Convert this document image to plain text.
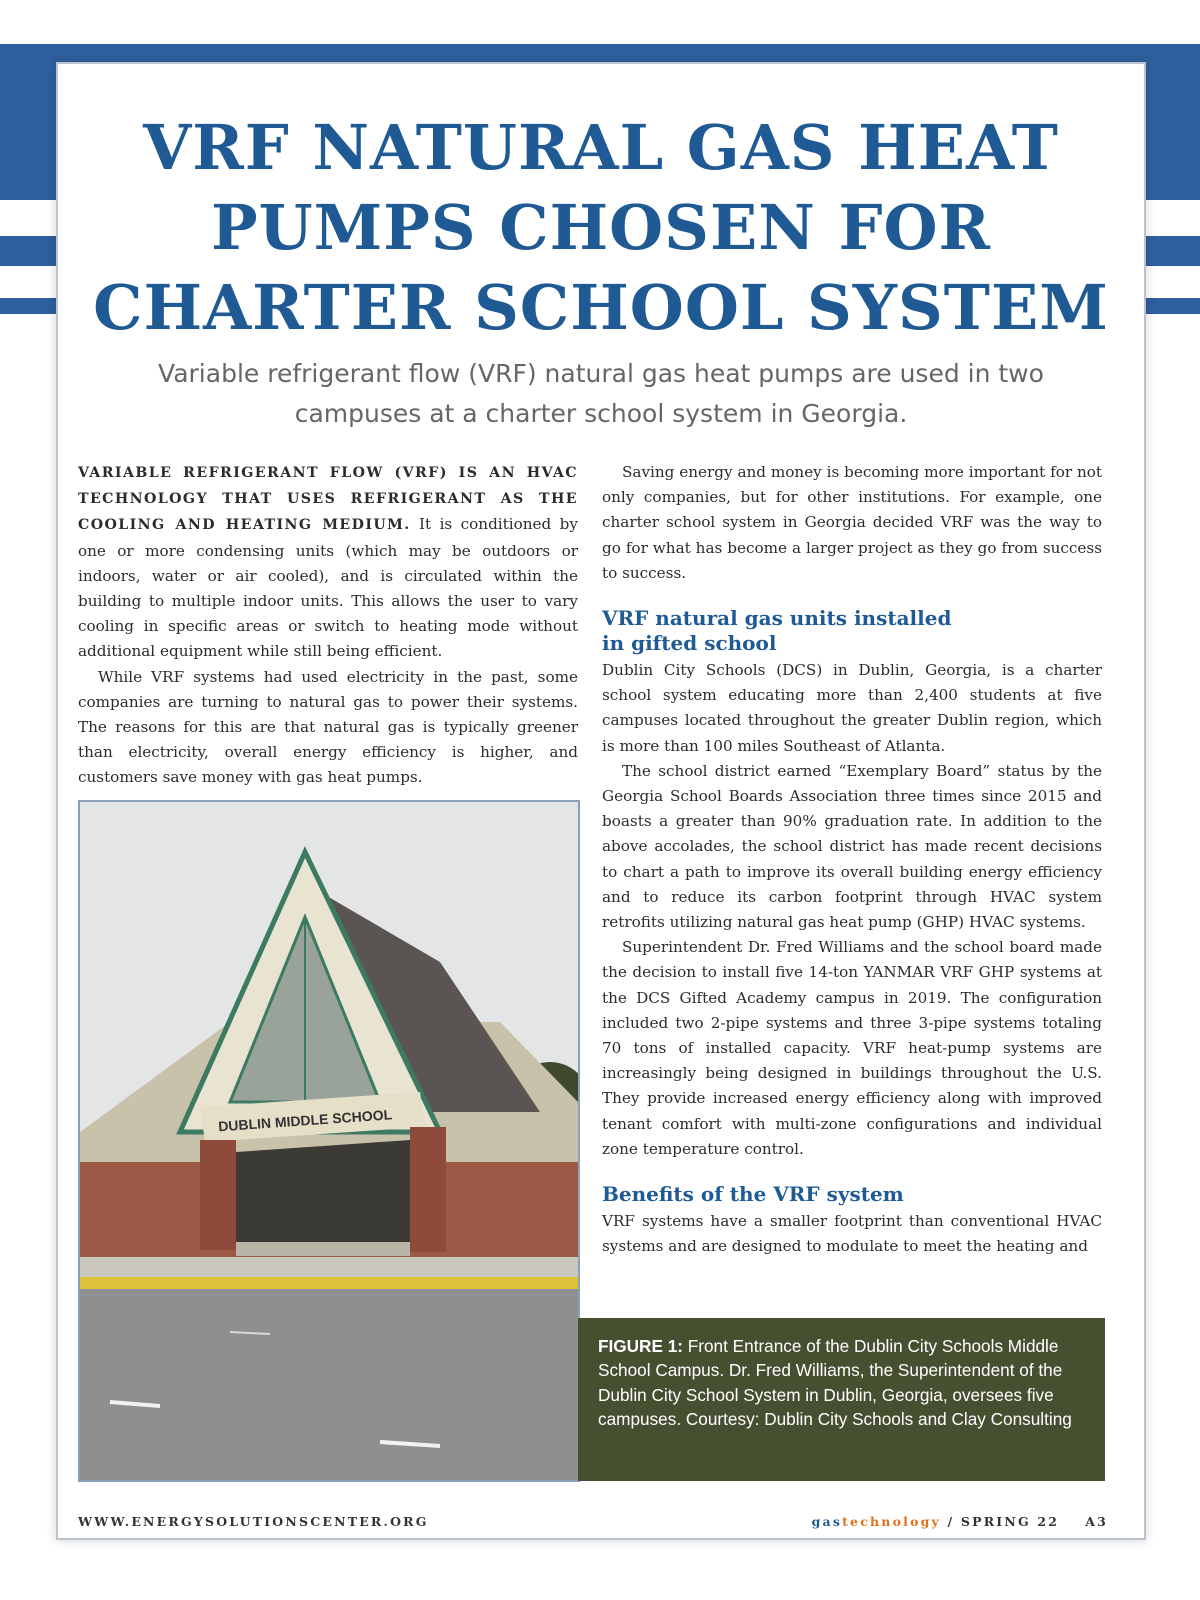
VRF NATURAL GAS HEAT
PUMPS CHOSEN FOR
CHARTER SCHOOL SYSTEM

Variable refrigerant flow (VRF) natural gas heat pumps are used in two
campuses at a charter school system in Georgia.

VARIABLE REFRIGERANT FLOW (VRF) IS AN HVAC TECHNOLOGY THAT USES REFRIGERANT AS THE COOLING AND HEATING MEDIUM. It is conditioned by one or more condensing units (which may be outdoors or indoors, water or air cooled), and is circulated within the building to multiple indoor units. This allows the user to vary cooling in specific areas or switch to heating mode without additional equipment while still being efficient.

While VRF systems had used electricity in the past, some companies are turning to natural gas to power their systems. The reasons for this are that natural gas is typically greener than electricity, overall energy efficiency is higher, and customers save money with gas heat pumps.

DUBLIN MIDDLE SCHOOL

Saving energy and money is becoming more important for not only companies, but for other institutions. For example, one charter school system in Georgia decided VRF was the way to go for what has become a larger project as they go from success to success.

VRF natural gas units installed
in gifted school

Dublin City Schools (DCS) in Dublin, Georgia, is a charter school system educating more than 2,400 students at five campuses located throughout the greater Dublin region, which is more than 100 miles Southeast of Atlanta.

The school district earned “Exemplary Board” status by the Georgia School Boards Association three times since 2015 and boasts a greater than 90% graduation rate. In addition to the above accolades, the school district has made recent decisions to chart a path to improve its overall building energy efficiency and to reduce its carbon footprint through HVAC system retrofits utilizing natural gas heat pump (GHP) HVAC systems.

Superintendent Dr. Fred Williams and the school board made the decision to install five 14-ton YANMAR VRF GHP systems at the DCS Gifted Academy campus in 2019. The configuration included two 2-pipe systems and three 3-pipe systems totaling 70 tons of installed capacity. VRF heat-pump systems are increasingly being designed in buildings throughout the U.S. They provide increased energy efficiency along with improved tenant comfort with multi-zone configurations and individual zone temperature control.

Benefits of the VRF system

VRF systems have a smaller footprint than conventional HVAC systems and are designed to modulate to meet the heating and

FIGURE 1: Front Entrance of the Dublin City Schools Middle School Campus. Dr. Fred Williams, the Superintendent of the Dublin City School System in Dublin, Georgia, oversees five campuses. Courtesy: Dublin City Schools and Clay Consulting
WWW.ENERGYSOLUTIONSCENTER.ORG	gastechnology / SPRING 22 A3
